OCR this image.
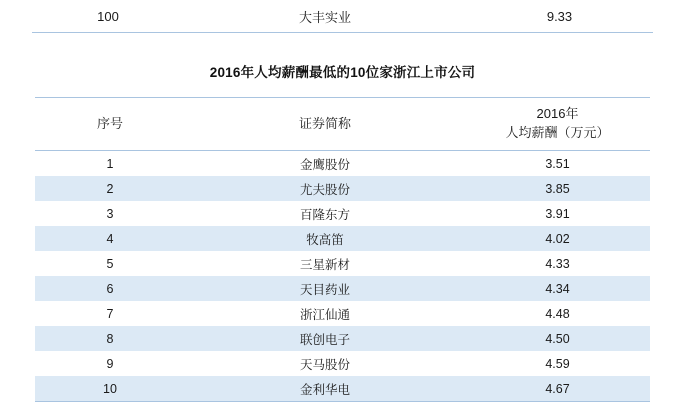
100	大丰实业	9.33
2016年人均薪酬最低的10位家浙江上市公司
序号	证券简称	2016年
人均薪酬（万元）

1	金鹰股份	3.51
2	尤夫股份	3.85
3	百隆东方	3.91
4	牧高笛	4.02
5	三星新材	4.33
6	天目药业	4.34
7	浙江仙通	4.48
8	联创电子	4.50
9	天马股份	4.59
10	金利华电	4.67
